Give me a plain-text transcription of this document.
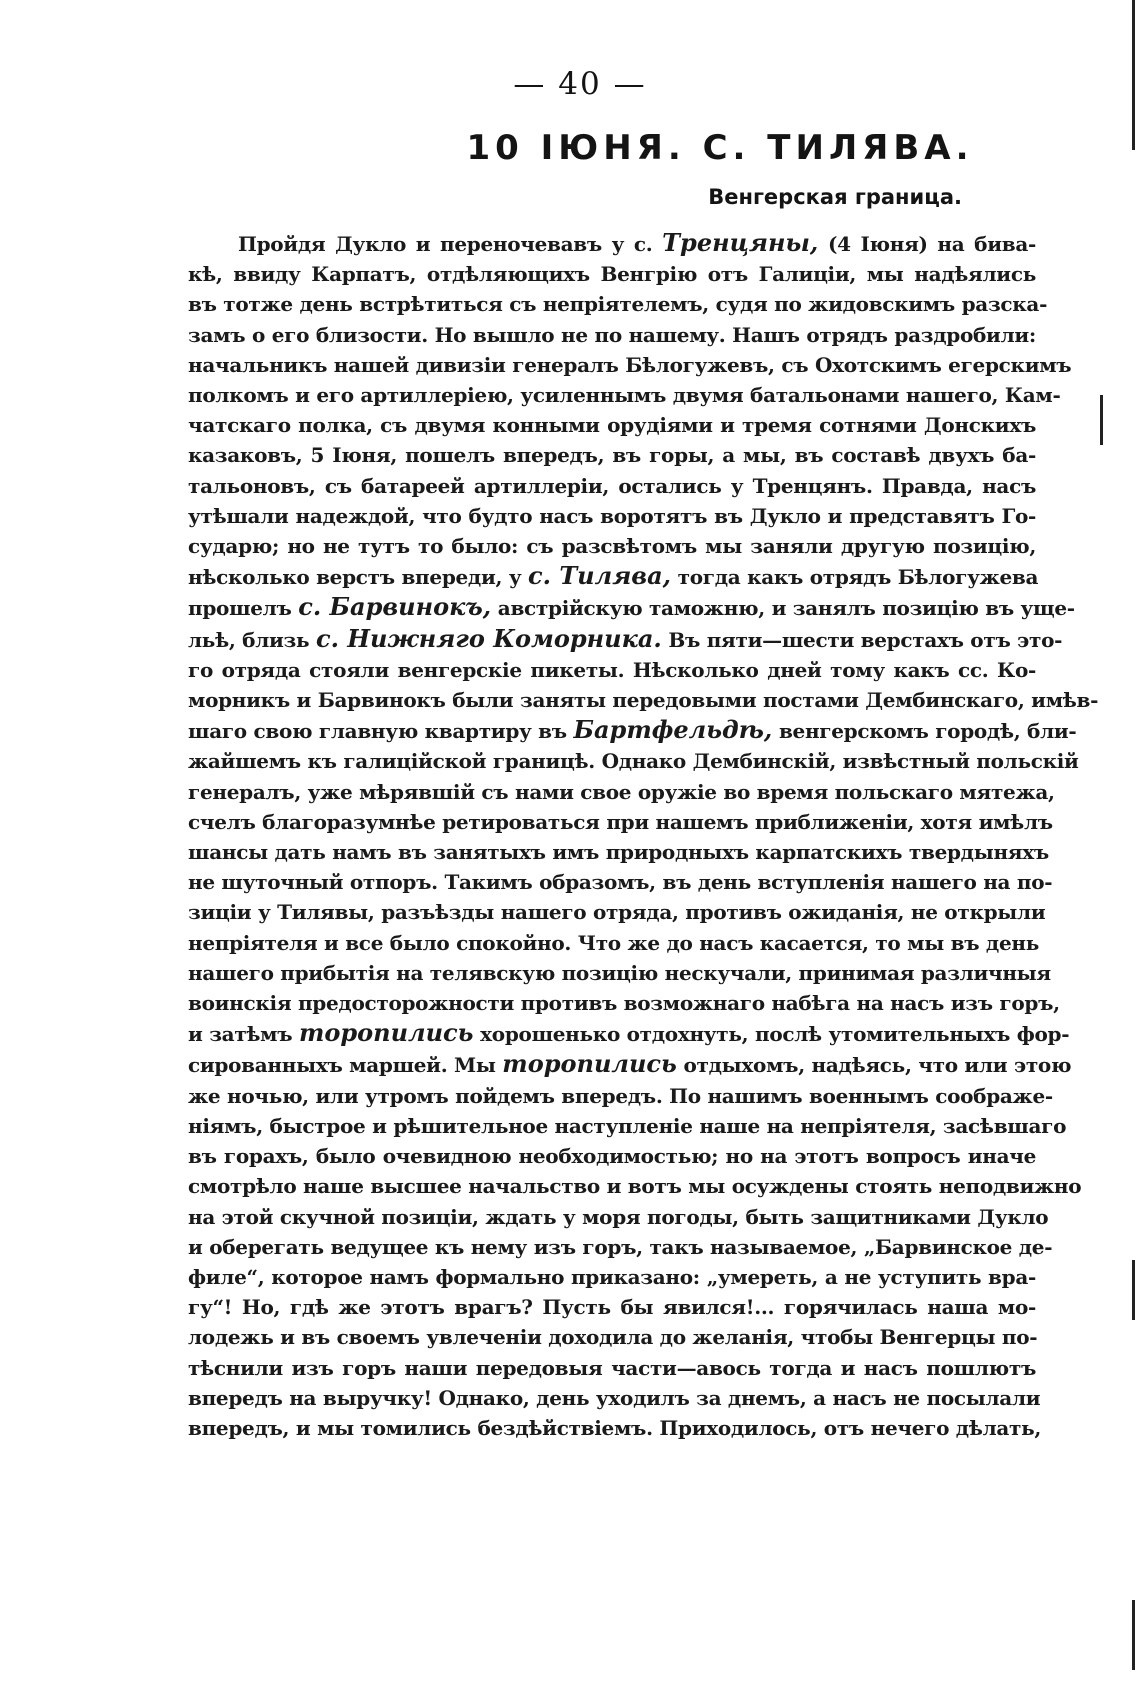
— 40 —
10 ІЮНЯ. С. ТИЛЯВА.
Венгерская граница.
Пройдя Дукло и переночевавъ у с. Тренцяны, (4 Іюня) на бива-
кѣ, ввиду Карпатъ, отдѣляющихъ Венгрію отъ Галиціи, мы надѣялись
въ тотже день встрѣтиться съ непріятелемъ, судя по жидовскимъ разска-
замъ о его близости. Но вышло не по нашему. Нашъ отрядъ раздробили:
начальникъ нашей дивизіи генералъ Бѣлогужевъ, съ Охотскимъ егерскимъ
полкомъ и его артиллеріею, усиленнымъ двумя батальонами нашего, Кам-
чатскаго полка, съ двумя конными орудіями и тремя сотнями Донскихъ
казаковъ, 5 Іюня, пошелъ впередъ, въ горы, а мы, въ составѣ двухъ ба-
тальоновъ, съ батареей артиллеріи, остались у Тренцянъ. Правда, насъ
утѣшали надеждой, что будто насъ воротятъ въ Дукло и представятъ Го-
сударю; но не тутъ то было: съ разсвѣтомъ мы заняли другую позицію,
нѣсколько верстъ впереди, у с. Тилява, тогда какъ отрядъ Бѣлогужева
прошелъ с. Барвинокъ, австрійскую таможню, и занялъ позицію въ уще-
льѣ, близь с. Нижняго Коморника. Въ пяти—шести верстахъ отъ это-
го отряда стояли венгерскіе пикеты. Нѣсколько дней тому какъ сс. Ко-
морникъ и Барвинокъ были заняты передовыми постами Дембинскаго, имѣв-
шаго свою главную квартиру въ Бартфельдѣ, венгерскомъ городѣ, бли-
жайшемъ къ галиційской границѣ. Однако Дембинскій, извѣстный польскій
генералъ, уже мѣрявшій съ нами свое оружіе во время польскаго мятежа,
счелъ благоразумнѣе ретироваться при нашемъ приближеніи, хотя имѣлъ
шансы дать намъ въ занятыхъ имъ природныхъ карпатскихъ твердыняхъ
не шуточный отпоръ. Такимъ образомъ, въ день вступленія нашего на по-
зиціи у Тилявы, разъѣзды нашего отряда, противъ ожиданія, не открыли
непріятеля и все было спокойно. Что же до насъ касается, то мы въ день
нашего прибытія на телявскую позицію нескучали, принимая различныя
воинскія предосторожности противъ возможнаго набѣга на насъ изъ горъ,
и затѣмъ торопились хорошенько отдохнуть, послѣ утомительныхъ фор-
сированныхъ маршей. Мы торопились отдыхомъ, надѣясь, что или этою
же ночью, или утромъ пойдемъ впередъ. По нашимъ военнымъ соображе-
ніямъ, быстрое и рѣшительное наступленіе наше на непріятеля, засѣвшаго
въ горахъ, было очевидною необходимостью; но на этотъ вопросъ иначе
смотрѣло наше высшее начальство и вотъ мы осуждены стоять неподвижно
на этой скучной позиціи, ждать у моря погоды, быть защитниками Дукло
и оберегать ведущее къ нему изъ горъ, такъ называемое, „Барвинское де-
филе“, которое намъ формально приказано: „умереть, а не уступить вра-
гу“! Но, гдѣ же этотъ врагъ? Пусть бы явился!... горячилась наша мо-
лодежь и въ своемъ увлеченіи доходила до желанія, чтобы Венгерцы по-
тѣснили изъ горъ наши передовыя части—авось тогда и насъ пошлютъ
впередъ на выручку! Однако, день уходилъ за днемъ, а насъ не посылали
впередъ, и мы томились бездѣйствіемъ. Приходилось, отъ нечего дѣлать,
